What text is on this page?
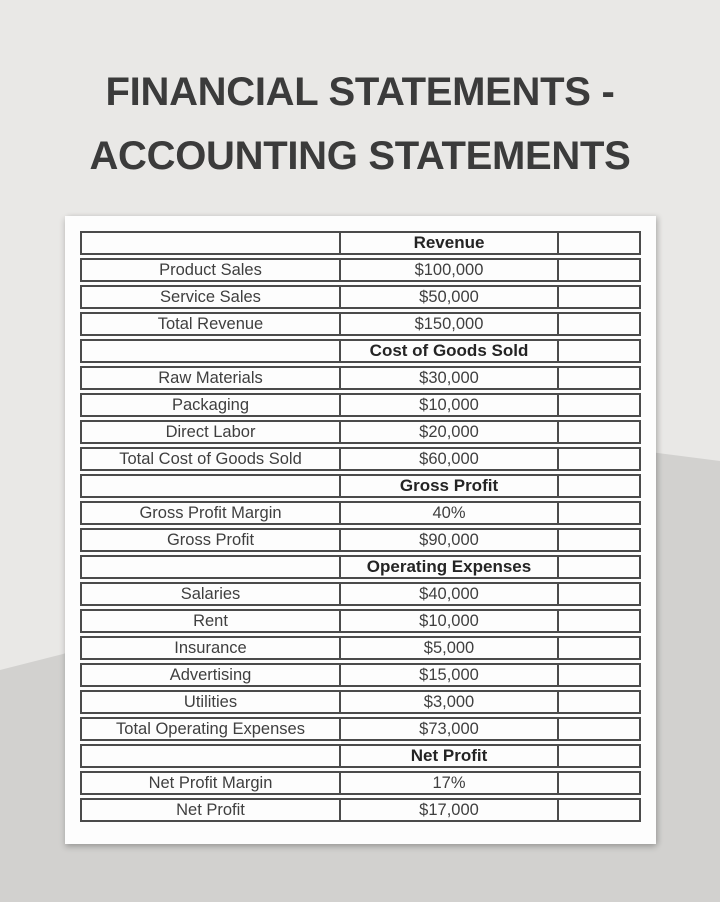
FINANCIAL STATEMENTS -
ACCOUNTING STATEMENTS
	Revenue	
Product Sales	$100,000	
Service Sales	$50,000	
Total Revenue	$150,000	
	Cost of Goods Sold	
Raw Materials	$30,000	
Packaging	$10,000	
Direct Labor	$20,000	
Total Cost of Goods Sold	$60,000	
	Gross Profit	
Gross Profit Margin	40%	
Gross Profit	$90,000	
	Operating Expenses	
Salaries	$40,000	
Rent	$10,000	
Insurance	$5,000	
Advertising	$15,000	
Utilities	$3,000	
Total Operating Expenses	$73,000	
	Net Profit	
Net Profit Margin	17%	
Net Profit	$17,000	
